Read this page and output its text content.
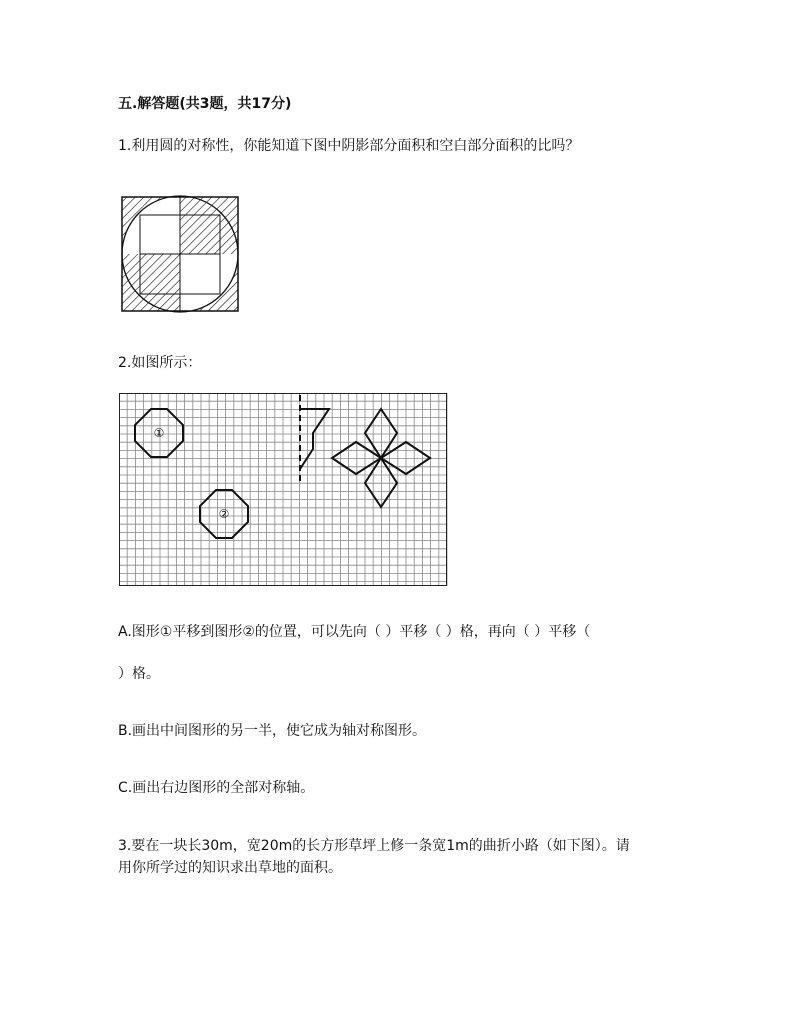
五.解答题(共3题，共17分)
1.利用圆的对称性，你能知道下图中阴影部分面积和空白部分面积的比吗？
2.如图所示：
①
②
A.图形①平移到图形②的位置，可以先向（ ）平移（ ）格，再向（ ）平移（
）格。
B.画出中间图形的另一半，使它成为轴对称图形。
C.画出右边图形的全部对称轴。
3.要在一块长30m，宽20m的长方形草坪上修一条宽1m的曲折小路（如下图）。请
用你所学过的知识求出草地的面积。
